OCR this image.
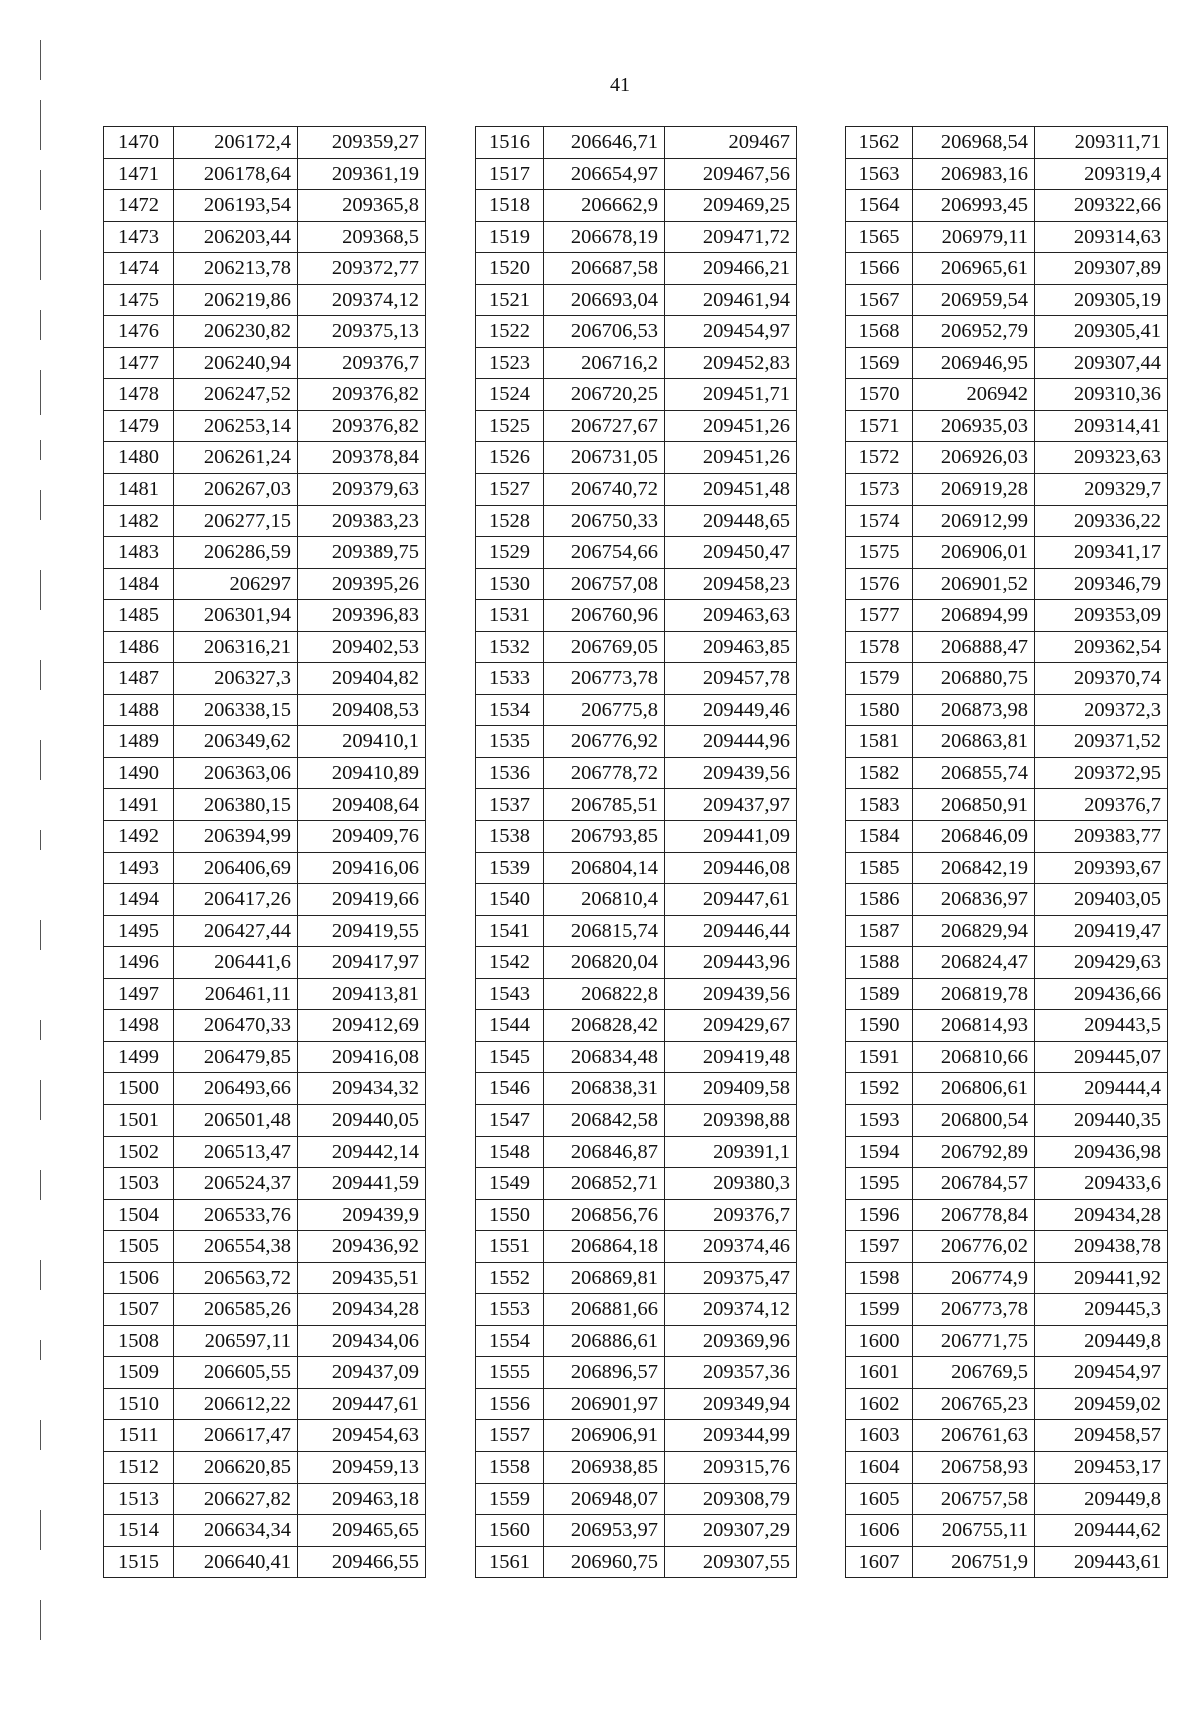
41
1470	206172,4	209359,27
1471	206178,64	209361,19
1472	206193,54	209365,8
1473	206203,44	209368,5
1474	206213,78	209372,77
1475	206219,86	209374,12
1476	206230,82	209375,13
1477	206240,94	209376,7
1478	206247,52	209376,82
1479	206253,14	209376,82
1480	206261,24	209378,84
1481	206267,03	209379,63
1482	206277,15	209383,23
1483	206286,59	209389,75
1484	206297	209395,26
1485	206301,94	209396,83
1486	206316,21	209402,53
1487	206327,3	209404,82
1488	206338,15	209408,53
1489	206349,62	209410,1
1490	206363,06	209410,89
1491	206380,15	209408,64
1492	206394,99	209409,76
1493	206406,69	209416,06
1494	206417,26	209419,66
1495	206427,44	209419,55
1496	206441,6	209417,97
1497	206461,11	209413,81
1498	206470,33	209412,69
1499	206479,85	209416,08
1500	206493,66	209434,32
1501	206501,48	209440,05
1502	206513,47	209442,14
1503	206524,37	209441,59
1504	206533,76	209439,9
1505	206554,38	209436,92
1506	206563,72	209435,51
1507	206585,26	209434,28
1508	206597,11	209434,06
1509	206605,55	209437,09
1510	206612,22	209447,61
1511	206617,47	209454,63
1512	206620,85	209459,13
1513	206627,82	209463,18
1514	206634,34	209465,65
1515	206640,41	209466,55
1516	206646,71	209467
1517	206654,97	209467,56
1518	206662,9	209469,25
1519	206678,19	209471,72
1520	206687,58	209466,21
1521	206693,04	209461,94
1522	206706,53	209454,97
1523	206716,2	209452,83
1524	206720,25	209451,71
1525	206727,67	209451,26
1526	206731,05	209451,26
1527	206740,72	209451,48
1528	206750,33	209448,65
1529	206754,66	209450,47
1530	206757,08	209458,23
1531	206760,96	209463,63
1532	206769,05	209463,85
1533	206773,78	209457,78
1534	206775,8	209449,46
1535	206776,92	209444,96
1536	206778,72	209439,56
1537	206785,51	209437,97
1538	206793,85	209441,09
1539	206804,14	209446,08
1540	206810,4	209447,61
1541	206815,74	209446,44
1542	206820,04	209443,96
1543	206822,8	209439,56
1544	206828,42	209429,67
1545	206834,48	209419,48
1546	206838,31	209409,58
1547	206842,58	209398,88
1548	206846,87	209391,1
1549	206852,71	209380,3
1550	206856,76	209376,7
1551	206864,18	209374,46
1552	206869,81	209375,47
1553	206881,66	209374,12
1554	206886,61	209369,96
1555	206896,57	209357,36
1556	206901,97	209349,94
1557	206906,91	209344,99
1558	206938,85	209315,76
1559	206948,07	209308,79
1560	206953,97	209307,29
1561	206960,75	209307,55
1562	206968,54	209311,71
1563	206983,16	209319,4
1564	206993,45	209322,66
1565	206979,11	209314,63
1566	206965,61	209307,89
1567	206959,54	209305,19
1568	206952,79	209305,41
1569	206946,95	209307,44
1570	206942	209310,36
1571	206935,03	209314,41
1572	206926,03	209323,63
1573	206919,28	209329,7
1574	206912,99	209336,22
1575	206906,01	209341,17
1576	206901,52	209346,79
1577	206894,99	209353,09
1578	206888,47	209362,54
1579	206880,75	209370,74
1580	206873,98	209372,3
1581	206863,81	209371,52
1582	206855,74	209372,95
1583	206850,91	209376,7
1584	206846,09	209383,77
1585	206842,19	209393,67
1586	206836,97	209403,05
1587	206829,94	209419,47
1588	206824,47	209429,63
1589	206819,78	209436,66
1590	206814,93	209443,5
1591	206810,66	209445,07
1592	206806,61	209444,4
1593	206800,54	209440,35
1594	206792,89	209436,98
1595	206784,57	209433,6
1596	206778,84	209434,28
1597	206776,02	209438,78
1598	206774,9	209441,92
1599	206773,78	209445,3
1600	206771,75	209449,8
1601	206769,5	209454,97
1602	206765,23	209459,02
1603	206761,63	209458,57
1604	206758,93	209453,17
1605	206757,58	209449,8
1606	206755,11	209444,62
1607	206751,9	209443,61
